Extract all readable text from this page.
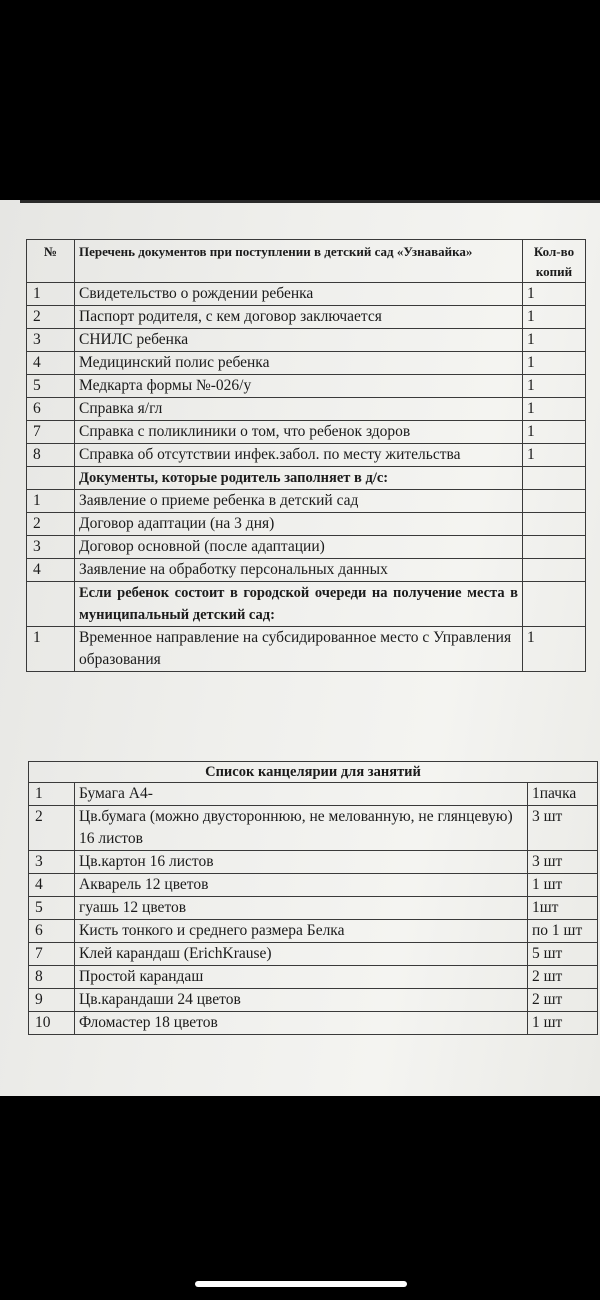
№	Перечень документов при поступлении в детский сад «Узнавайка»	Кол-во копий
1	Свидетельство о рождении ребенка	1
2	Паспорт родителя, с кем договор заключается	1
3	СНИЛС ребенка	1
4	Медицинский полис ребенка	1
5	Медкарта формы №-026/у	1
6	Справка я/гл	1
7	Справка с поликлиники о том, что ребенок здоров	1
8	Справка об отсутствии инфек.забол. по месту жительства	1
	Документы, которые родитель заполняет в д/с:	
1	Заявление о приеме ребенка в детский сад	
2	Договор адаптации (на 3 дня)	
3	Договор основной (после адаптации)	
4	Заявление на обработку персональных данных	
	Если ребенок состоит в городской очереди на получение места в муниципальный детский сад:	
1	Временное направление на субсидированное место с Управления образования	1
Список канцелярии для занятий		
1	Бумага А4-	1пачка
2	Цв.бумага (можно двустороннюю, не мелованную, не глянцевую) 16 листов	3 шт
3	Цв.картон 16 листов	3 шт
4	Акварель 12 цветов	1 шт
5	гуашь 12 цветов	1шт
6	Кисть тонкого и среднего размера Белка	по 1 шт
7	Клей карандаш (ErichKrause)	5 шт
8	Простой карандаш	2 шт
9	Цв.карандаши 24 цветов	2 шт
10	Фломастер 18 цветов	1 шт
